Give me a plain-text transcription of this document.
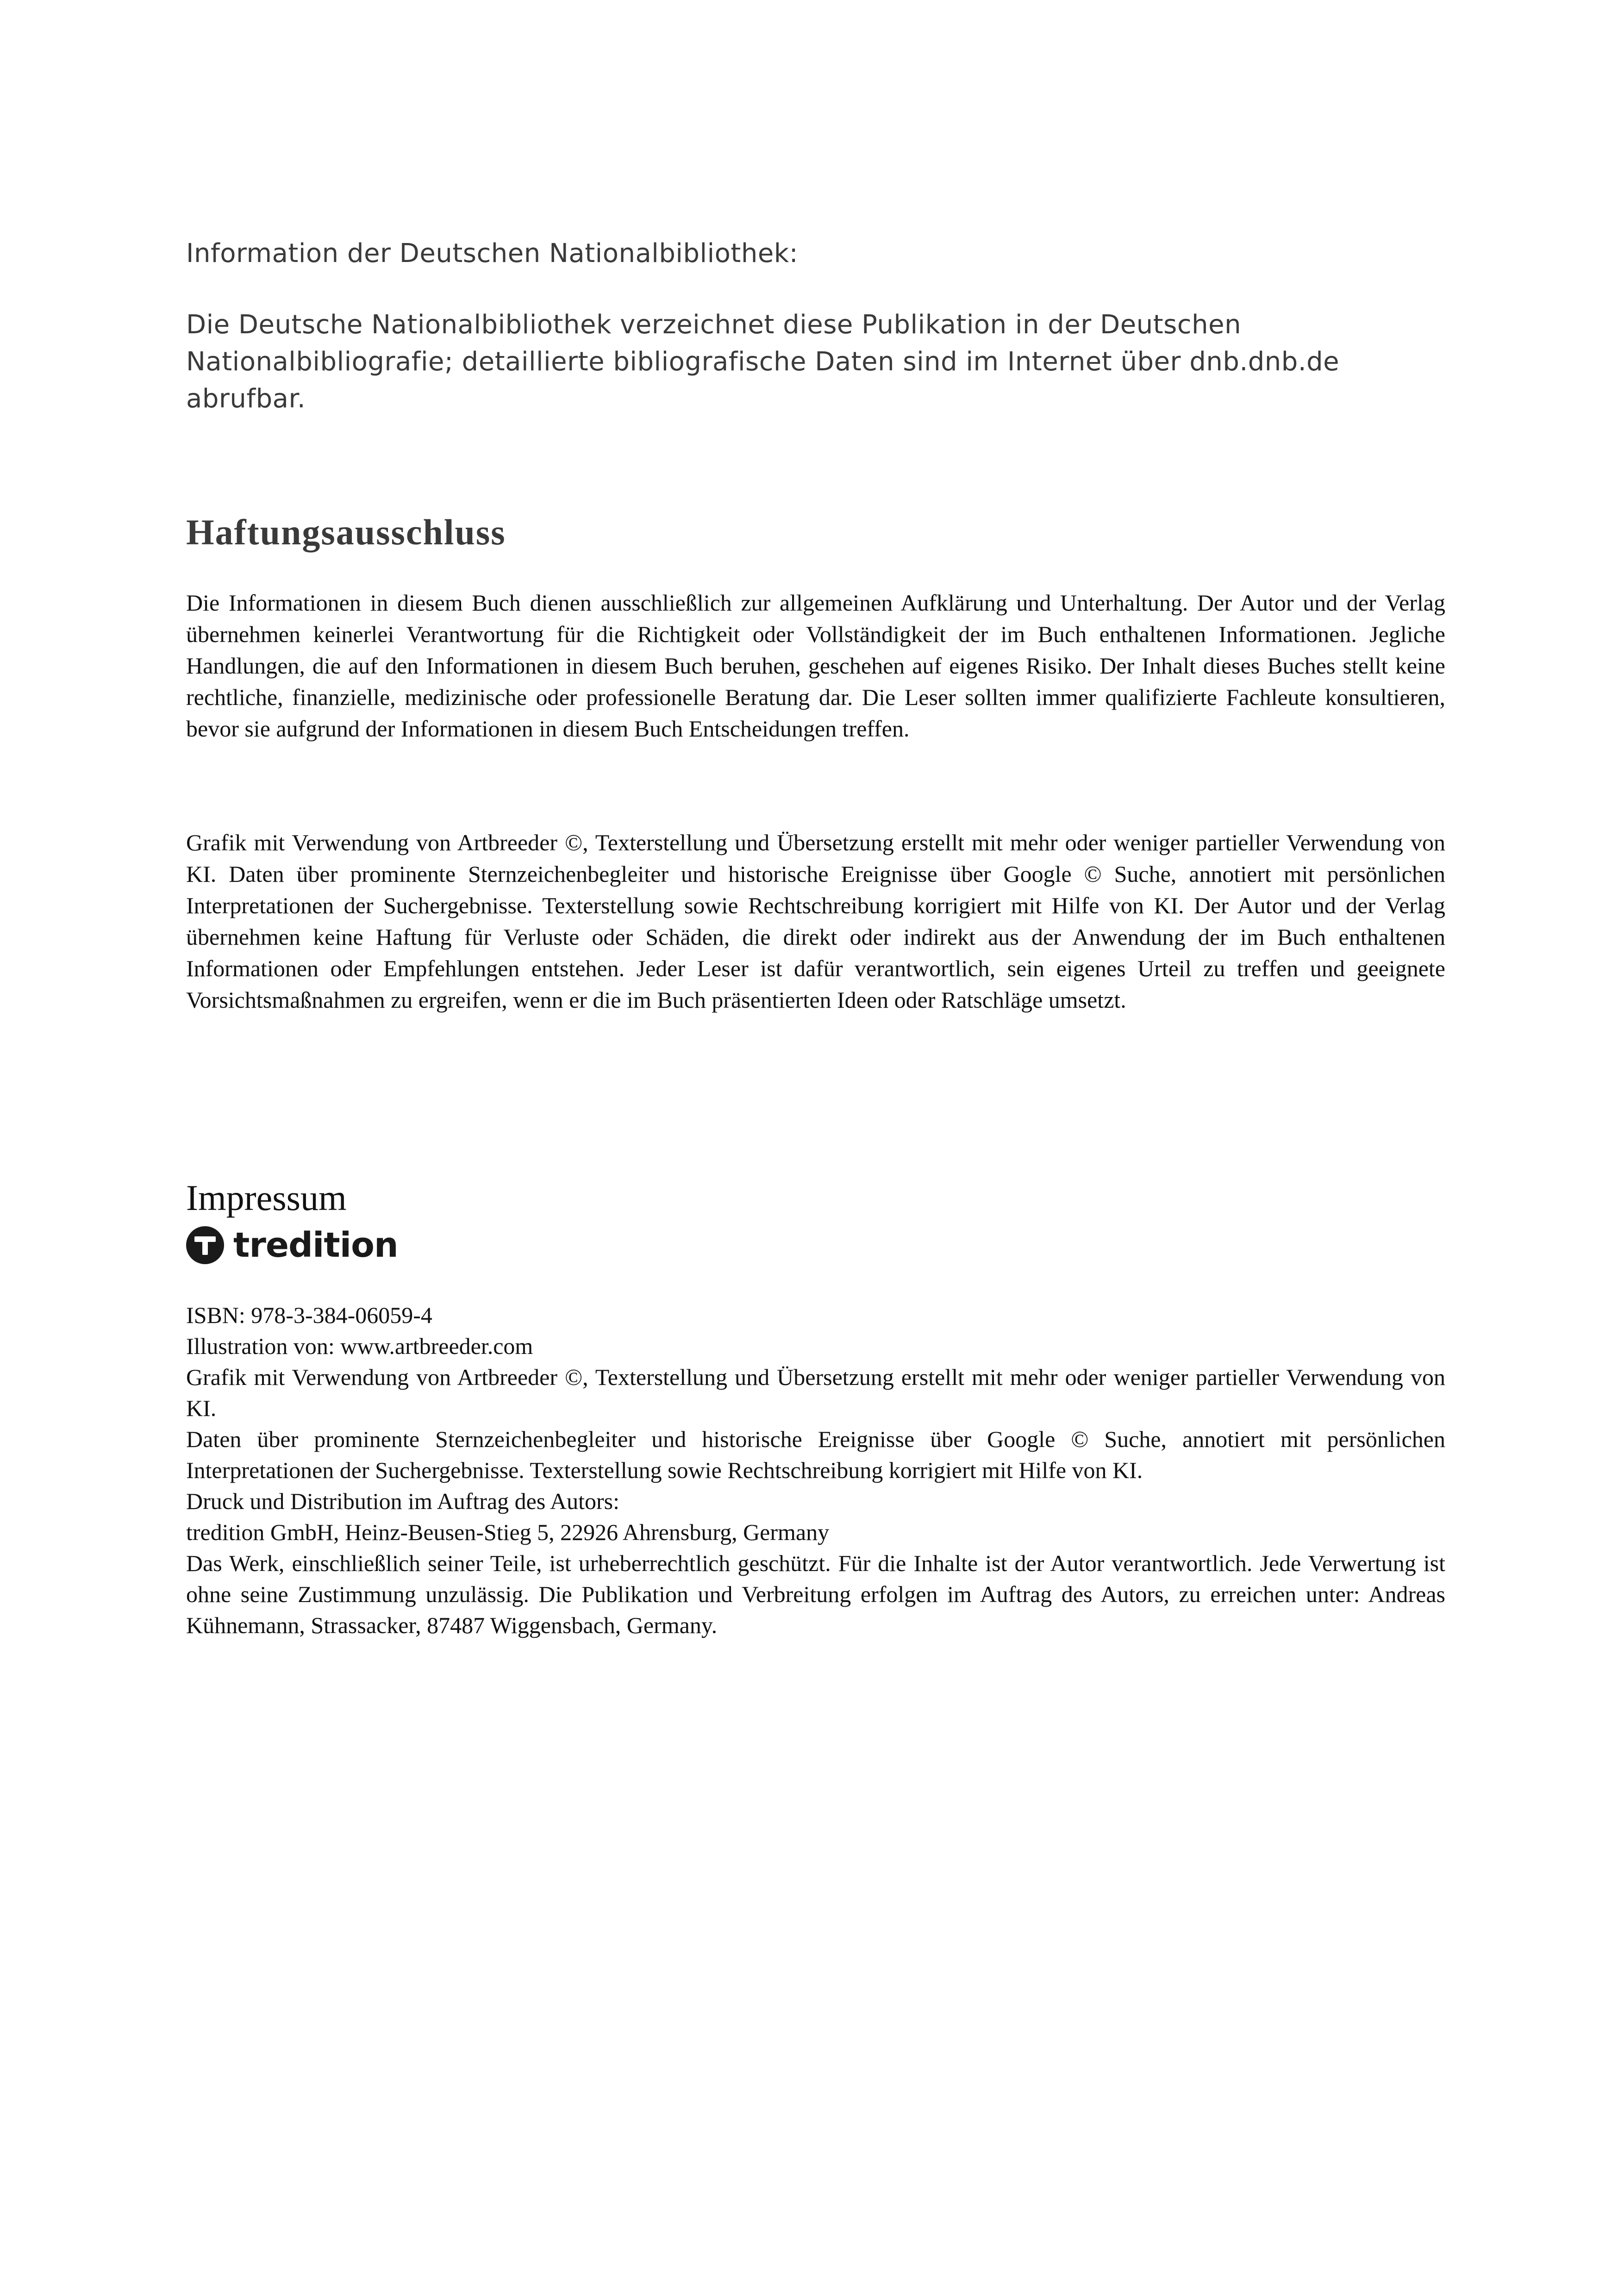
Information der Deutschen Nationalbibliothek:
Die Deutsche Nationalbibliothek verzeichnet diese Publikation in der Deutschen Nationalbibliografie; detaillierte bibliografische Daten sind im Internet über dnb.dnb.de abrufbar.
Haftungsausschluss
Die Informationen in diesem Buch dienen ausschließlich zur allgemeinen Aufklärung und Unterhaltung. Der Autor und der Verlag übernehmen keinerlei Verantwortung für die Richtigkeit oder Vollständigkeit der im Buch enthaltenen Informationen. Jegliche Handlungen, die auf den Informationen in diesem Buch beruhen, geschehen auf eigenes Risiko. Der Inhalt dieses Buches stellt keine rechtliche, finanzielle, medizinische oder professionelle Beratung dar. Die Leser sollten immer qualifizierte Fachleute konsultieren, bevor sie aufgrund der Informationen in diesem Buch Entscheidungen treffen.
Grafik mit Verwendung von Artbreeder ©, Texterstellung und Übersetzung erstellt mit mehr oder weniger partieller Verwendung von KI. Daten über prominente Sternzeichenbegleiter und historische Ereignisse über Google © Suche, annotiert mit persönlichen Interpretationen der Suchergebnisse. Texterstellung sowie Rechtschreibung korrigiert mit Hilfe von KI. Der Autor und der Verlag übernehmen keine Haftung für Verluste oder Schäden, die direkt oder indirekt aus der Anwendung der im Buch enthaltenen Informationen oder Empfehlungen entstehen. Jeder Leser ist dafür verantwortlich, sein eigenes Urteil zu treffen und geeignete Vorsichtsmaßnahmen zu ergreifen, wenn er die im Buch präsentierten Ideen oder Ratschläge umsetzt.
Impressum
tredition
ISBN: 978-3-384-06059-4
Illustration von: www.artbreeder.com
Grafik mit Verwendung von Artbreeder ©, Texterstellung und Übersetzung erstellt mit mehr oder weniger partieller Verwendung von KI.
Daten über prominente Sternzeichenbegleiter und historische Ereignisse über Google © Suche, annotiert mit persönlichen Interpretationen der Suchergebnisse. Texterstellung sowie Rechtschreibung korrigiert mit Hilfe von KI.
Druck und Distribution im Auftrag des Autors:
tredition GmbH, Heinz-Beusen-Stieg 5, 22926 Ahrensburg, Germany
Das Werk, einschließlich seiner Teile, ist urheberrechtlich geschützt. Für die Inhalte ist der Autor verantwortlich. Jede Verwertung ist ohne seine Zustimmung unzulässig. Die Publikation und Verbreitung erfolgen im Auftrag des Autors, zu erreichen unter: Andreas Kühnemann, Strassacker, 87487 Wiggensbach, Germany.
